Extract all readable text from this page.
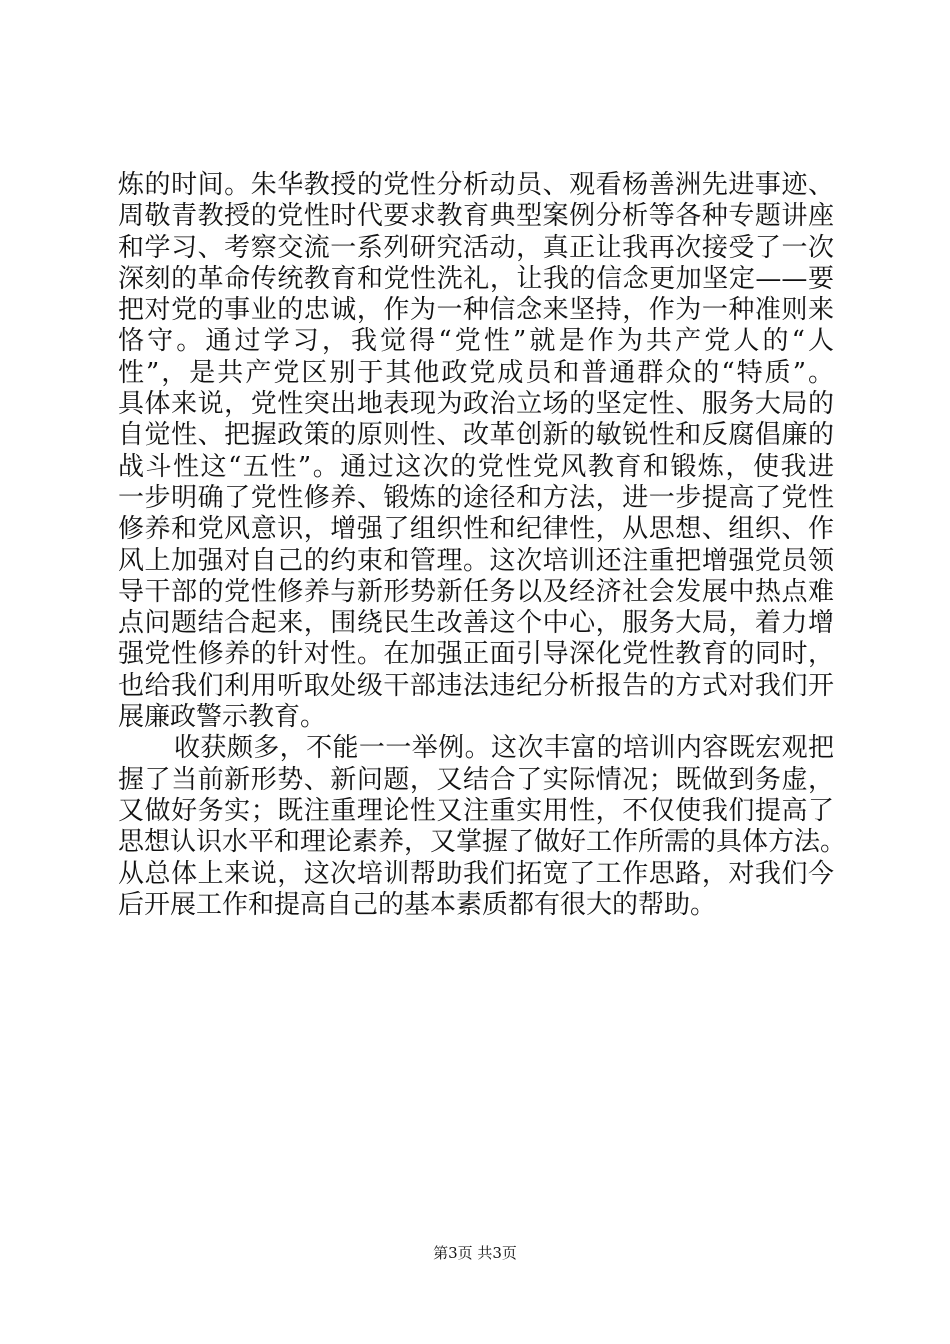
炼的时间。朱华教授的党性分析动员、观看杨善洲先进事迹、
周敬青教授的党性时代要求教育典型案例分析等各种专题讲座
和学习、考察交流一系列研究活动，真正让我再次接受了一次
深刻的革命传统教育和党性洗礼，让我的信念更加坚定——要
把对党的事业的忠诚，作为一种信念来坚持，作为一种准则来
恪守。通过学习，我觉得“党性”就是作为共产党人的“人
性”，是共产党区别于其他政党成员和普通群众的“特质”。
具体来说，党性突出地表现为政治立场的坚定性、服务大局的
自觉性、把握政策的原则性、改革创新的敏锐性和反腐倡廉的
战斗性这“五性”。通过这次的党性党风教育和锻炼，使我进
一步明确了党性修养、锻炼的途径和方法，进一步提高了党性
修养和党风意识，增强了组织性和纪律性，从思想、组织、作
风上加强对自己的约束和管理。这次培训还注重把增强党员领
导干部的党性修养与新形势新任务以及经济社会发展中热点难
点问题结合起来，围绕民生改善这个中心，服务大局，着力增
强党性修养的针对性。在加强正面引导深化党性教育的同时，
也给我们利用听取处级干部违法违纪分析报告的方式对我们开
展廉政警示教育。
收获颇多，不能一一举例。这次丰富的培训内容既宏观把
握了当前新形势、新问题，又结合了实际情况；既做到务虚，
又做好务实；既注重理论性又注重实用性，不仅使我们提高了
思想认识水平和理论素养，又掌握了做好工作所需的具体方法。
从总体上来说，这次培训帮助我们拓宽了工作思路，对我们今
后开展工作和提高自己的基本素质都有很大的帮助。
第3页 共3页
